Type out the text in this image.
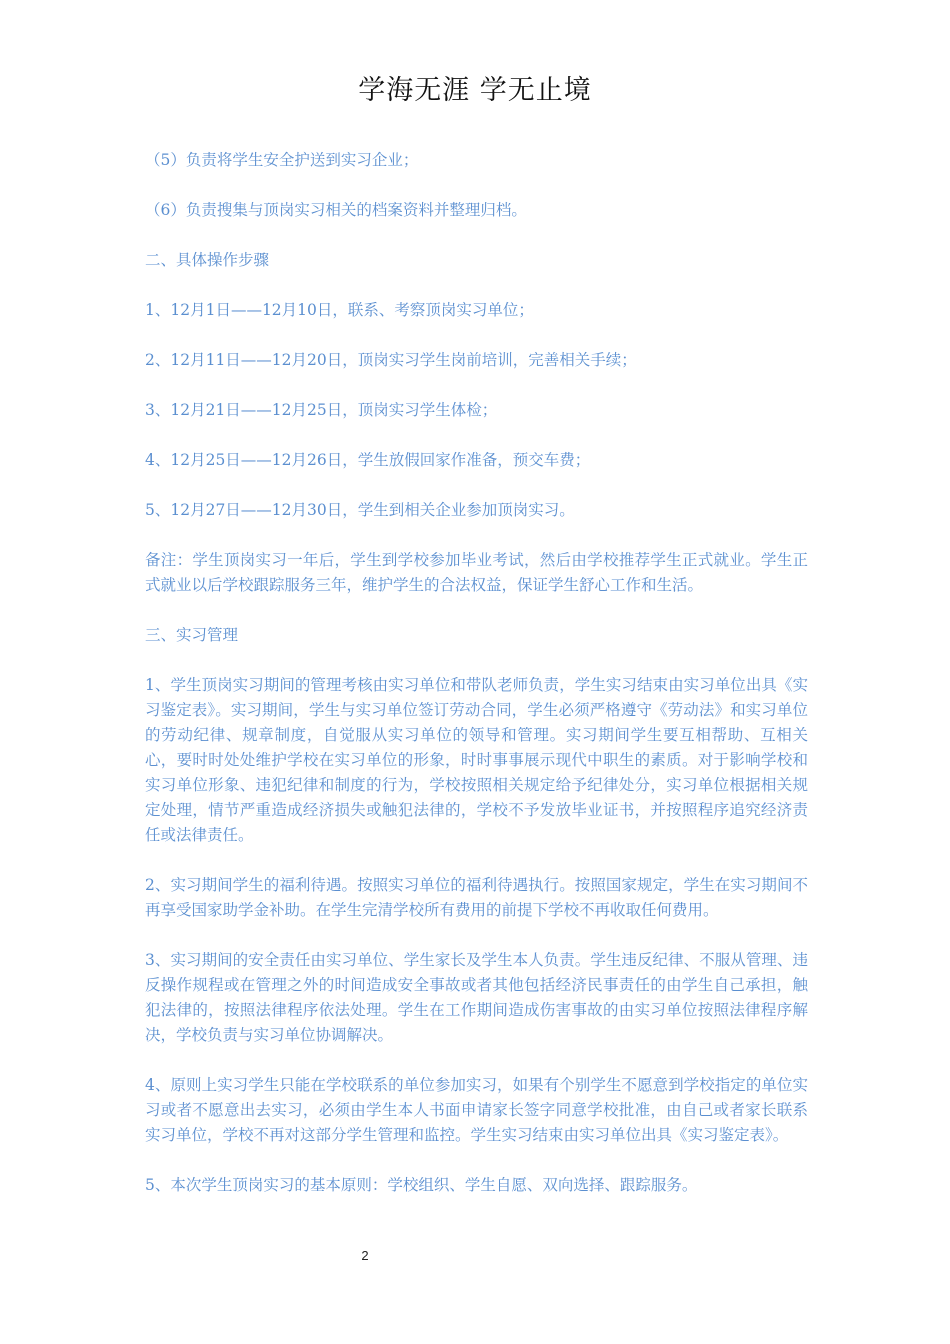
学海无涯 学无止境

（5）负责将学生安全护送到实习企业；

（6）负责搜集与顶岗实习相关的档案资料并整理归档。

二、具体操作步骤

1、12月1日——12月10日，联系、考察顶岗实习单位；

2、12月11日——12月20日，顶岗实习学生岗前培训，完善相关手续；

3、12月21日——12月25日，顶岗实习学生体检；

4、12月25日——12月26日，学生放假回家作准备，预交车费；

5、12月27日——12月30日，学生到相关企业参加顶岗实习。

备注：学生顶岗实习一年后，学生到学校参加毕业考试，然后由学校推荐学生正式就业。学生正式就业以后学校跟踪服务三年，维护学生的合法权益，保证学生舒心工作和生活。

三、实习管理

1、学生顶岗实习期间的管理考核由实习单位和带队老师负责，学生实习结束由实习单位出具《实习鉴定表》。实习期间，学生与实习单位签订劳动合同，学生必须严格遵守《劳动法》和实习单位的劳动纪律、规章制度，自觉服从实习单位的领导和管理。实习期间学生要互相帮助、互相关心，要时时处处维护学校在实习单位的形象，时时事事展示现代中职生的素质。对于影响学校和实习单位形象、违犯纪律和制度的行为，学校按照相关规定给予纪律处分，实习单位根据相关规定处理，情节严重造成经济损失或触犯法律的，学校不予发放毕业证书，并按照程序追究经济责任或法律责任。

2、实习期间学生的福利待遇。按照实习单位的福利待遇执行。按照国家规定，学生在实习期间不再享受国家助学金补助。在学生完清学校所有费用的前提下学校不再收取任何费用。

3、实习期间的安全责任由实习单位、学生家长及学生本人负责。学生违反纪律、不服从管理、违反操作规程或在管理之外的时间造成安全事故或者其他包括经济民事责任的由学生自己承担，触犯法律的，按照法律程序依法处理。学生在工作期间造成伤害事故的由实习单位按照法律程序解决，学校负责与实习单位协调解决。

4、原则上实习学生只能在学校联系的单位参加实习，如果有个别学生不愿意到学校指定的单位实习或者不愿意出去实习，必须由学生本人书面申请家长签字同意学校批准，由自己或者家长联系实习单位，学校不再对这部分学生管理和监控。学生实习结束由实习单位出具《实习鉴定表》。

5、本次学生顶岗实习的基本原则：学校组织、学生自愿、双向选择、跟踪服务。

2
